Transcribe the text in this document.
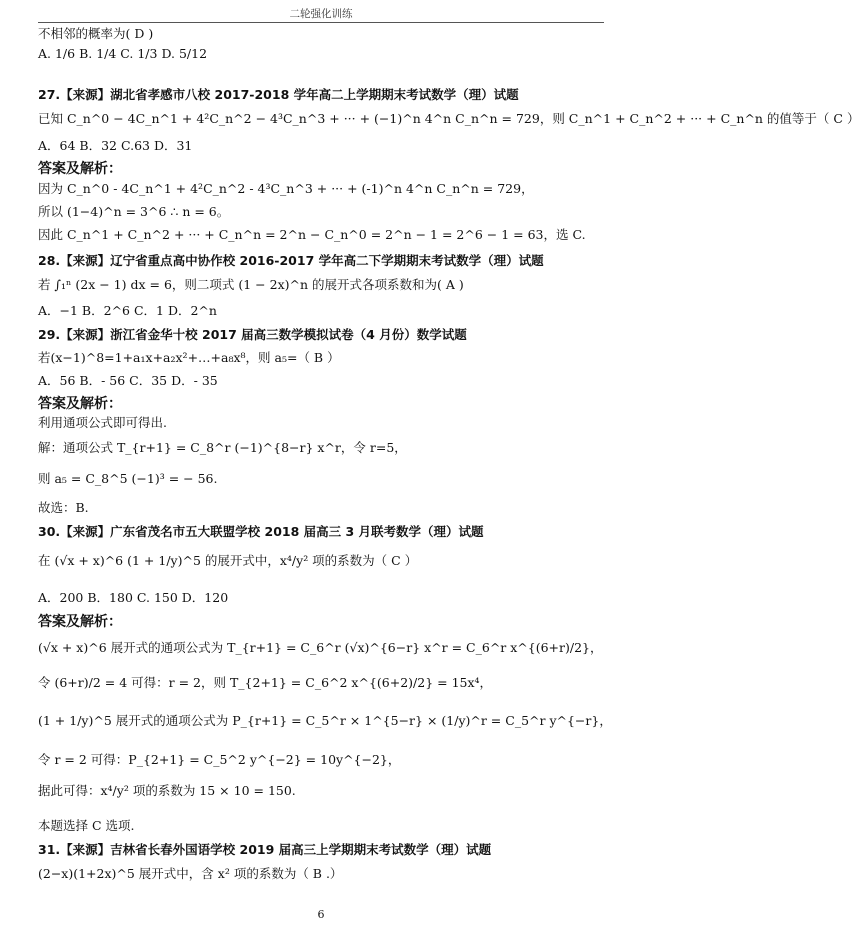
二轮强化训练
不相邻的概率为( D )
A. 1/6 B. 1/4 C. 1/3 D. 5/12
27.【来源】湖北省孝感市八校 2017-2018 学年高二上学期期末考试数学（理）试题
已知 C_n^0 − 4C_n^1 + 4²C_n^2 − 4³C_n^3 + ··· + (−1)^n 4^n C_n^n = 729，则 C_n^1 + C_n^2 + ··· + C_n^n 的值等于（ C ）
A．64 B．32 C.63 D．31
答案及解析：
因为 C_n^0 - 4C_n^1 + 4²C_n^2 - 4³C_n^3 + ··· + (-1)^n 4^n C_n^n = 729，
所以 (1−4)^n = 3^6 ∴ n = 6。
因此 C_n^1 + C_n^2 + ··· + C_n^n = 2^n − C_n^0 = 2^n − 1 = 2^6 − 1 = 63，选 C.
28.【来源】辽宁省重点高中协作校 2016-2017 学年高二下学期期末考试数学（理）试题
若 ∫₁ⁿ (2x − 1) dx = 6，则二项式 (1 − 2x)^n 的展开式各项系数和为( A )
A．−1 B．2^6 C．1 D．2^n
29.【来源】浙江省金华十校 2017 届高三数学模拟试卷（4 月份）数学试题
若(x−1)^8=1+a₁x+a₂x²+…+a₈x⁸，则 a₅=（ B ）
A．56 B．- 56 C．35 D．- 35
答案及解析：
利用通项公式即可得出.
解：通项公式 T_{r+1} = C_8^r (−1)^{8−r} x^r，令 r=5，
则 a₅ = C_8^5 (−1)³ = − 56.
故选：B.
30.【来源】广东省茂名市五大联盟学校 2018 届高三 3 月联考数学（理）试题
在 (√x + x)^6 (1 + 1/y)^5 的展开式中，x⁴/y² 项的系数为（ C ）
A．200 B．180 C. 150 D．120
答案及解析：
(√x + x)^6 展开式的通项公式为 T_{r+1} = C_6^r (√x)^{6−r} x^r = C_6^r x^{(6+r)/2}，
令 (6+r)/2 = 4 可得：r = 2，则 T_{2+1} = C_6^2 x^{(6+2)/2} = 15x⁴，
(1 + 1/y)^5 展开式的通项公式为 P_{r+1} = C_5^r × 1^{5−r} × (1/y)^r = C_5^r y^{−r}，
令 r = 2 可得：P_{2+1} = C_5^2 y^{−2} = 10y^{−2}，
据此可得：x⁴/y² 项的系数为 15 × 10 = 150.
本题选择 C 选项.
31.【来源】吉林省长春外国语学校 2019 届高三上学期期末考试数学（理）试题
(2−x)(1+2x)^5 展开式中，含 x² 项的系数为（ B .）
6
